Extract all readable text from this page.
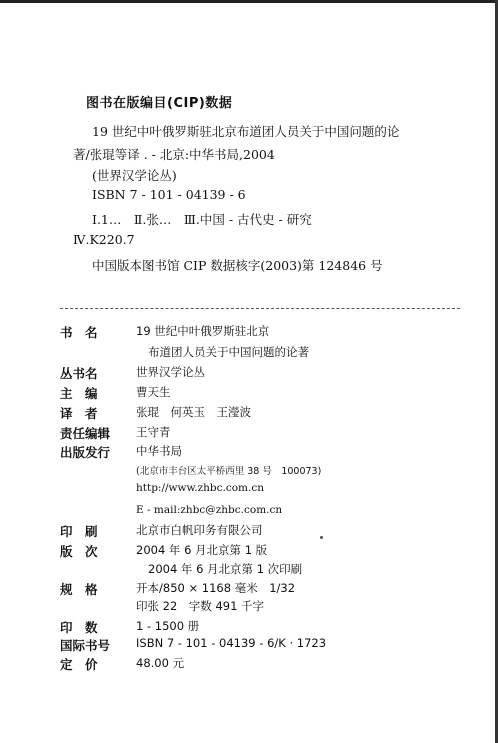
图书在版编目(CIP)数据
19 世纪中叶俄罗斯驻北京布道团人员关于中国问题的论
著/张琨等译 . - 北京:中华书局,2004
(世界汉学论丛)
ISBN 7 - 101 - 04139 - 6
Ⅰ.1…　Ⅱ.张…　Ⅲ.中国 - 古代史 - 研究
Ⅳ.K220.7
中国版本图书馆 CIP 数据核字(2003)第 124846 号
书　名	19 世纪中叶俄罗斯驻北京
布道团人员关于中国问题的论著
丛书名	世界汉学论丛
主　编	曹天生
译　者	张琨　何英玉　王瀅波
责任编辑	王守青
出版发行	中华书局
(北京市丰台区太平桥西里 38 号　100073)
http://www.zhbc.com.cn
E - mail:zhbc@zhbc.com.cn
印　刷	北京市白帆印务有限公司
版　次	2004 年 6 月北京第 1 版
2004 年 6 月北京第 1 次印刷
规　格	开本/850 × 1168 毫米　1/32
印张 22　字数 491 千字
印　数	1 - 1500 册
国际书号	ISBN 7 - 101 - 04139 - 6/K · 1723
定　价	48.00 元
